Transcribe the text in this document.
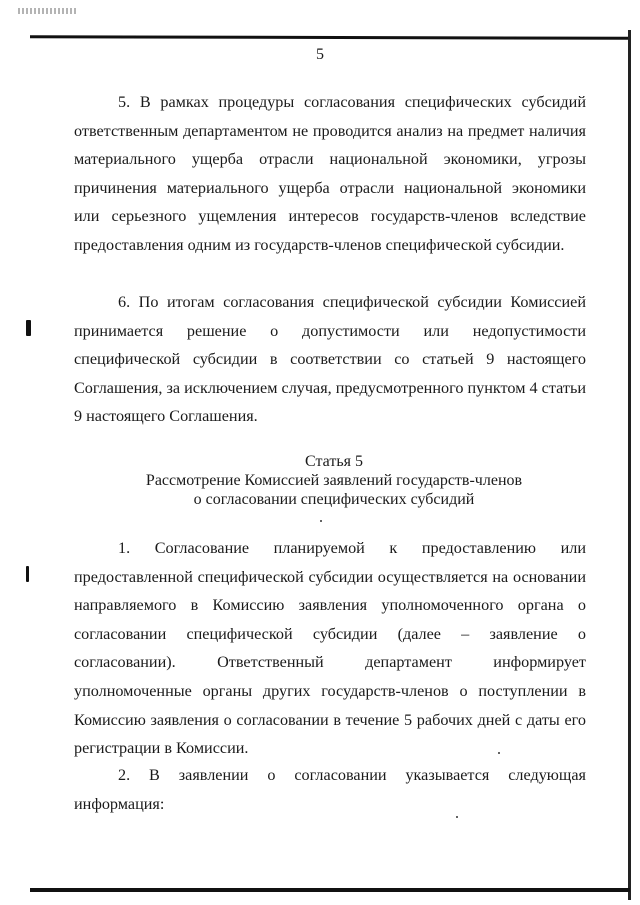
5

5. В рамках процедуры согласования специфических субсидий ответственным департаментом не проводится анализ на предмет наличия материального ущерба отрасли национальной экономики, угрозы причинения материального ущерба отрасли национальной экономики или серьезного ущемления интересов государств-членов вследствие предоставления одним из государств-членов специфической субсидии.

6. По итогам согласования специфической субсидии Комиссией принимается решение о допустимости или недопустимости специфической субсидии в соответствии со статьей 9 настоящего Соглашения, за исключением случая, предусмотренного пунктом 4 статьи 9 настоящего Соглашения.

Статья 5

Рассмотрение Комиссией заявлений государств-членов

о согласовании специфических субсидий

1. Согласование планируемой к предоставлению или предоставленной специфической субсидии осуществляется на основании направляемого в Комиссию заявления уполномоченного органа о согласовании специфической субсидии (далее – заявление о согласовании). Ответственный департамент информирует уполномоченные органы других государств-членов о поступлении в Комиссию заявления о согласовании в течение 5 рабочих дней с даты его регистрации в Комиссии.

2. В заявлении о согласовании указывается следующая информация:
